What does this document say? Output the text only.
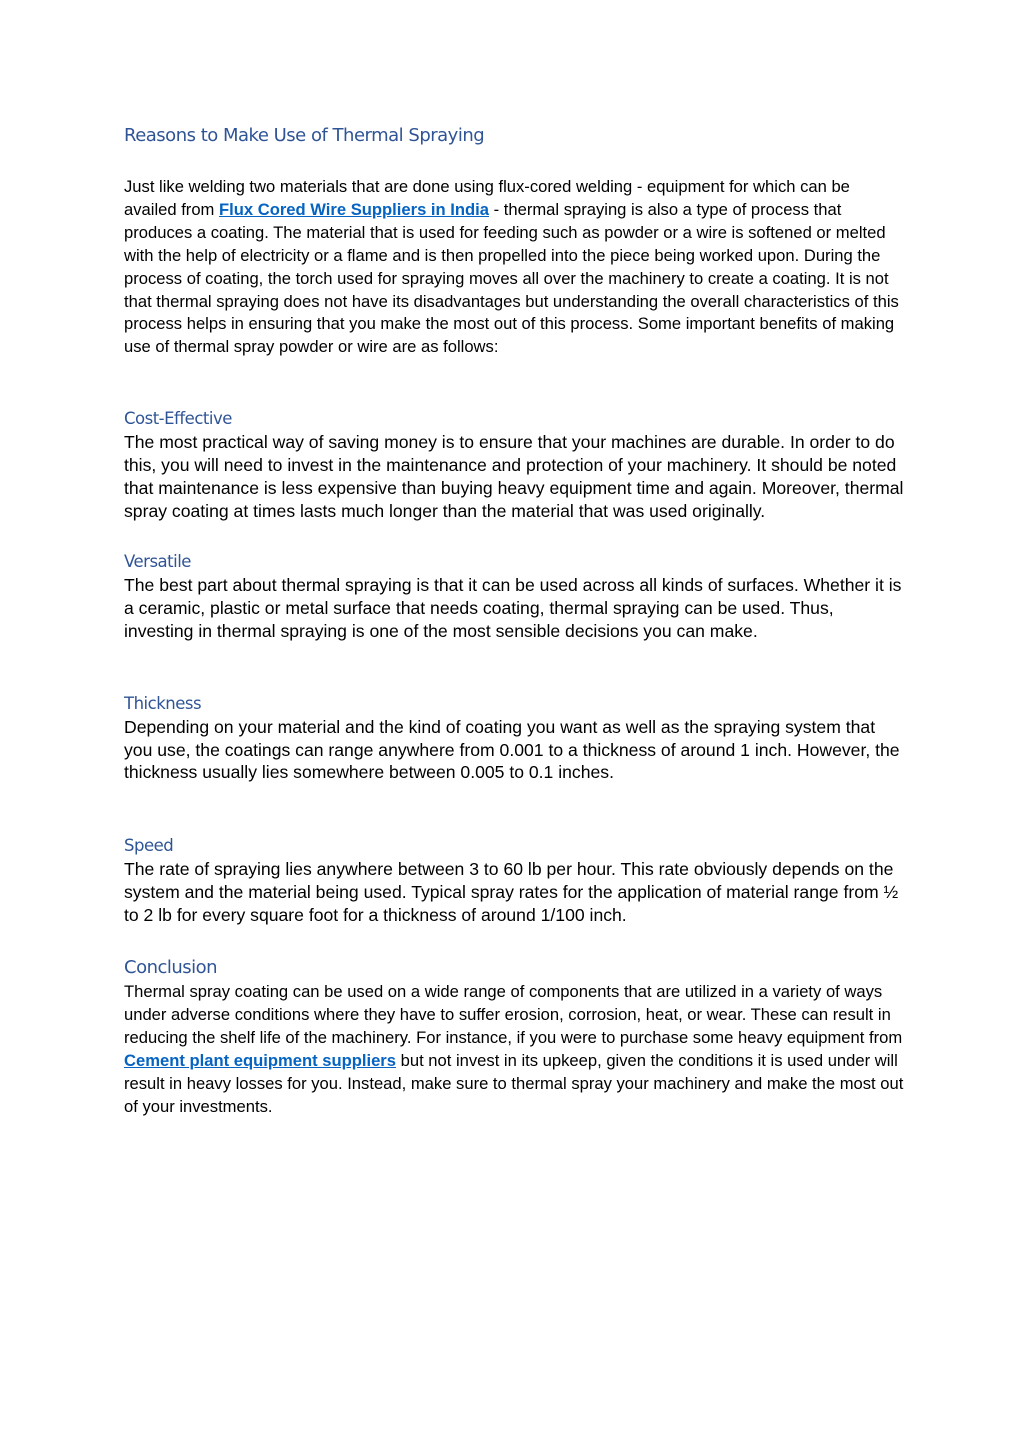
Reasons to Make Use of Thermal Spraying

Just like welding two materials that are done using flux-cored welding - equipment for which can be availed from Flux Cored Wire Suppliers in India - thermal spraying is also a type of process that produces a coating. The material that is used for feeding such as powder or a wire is softened or melted with the help of electricity or a flame and is then propelled into the piece being worked upon. During the process of coating, the torch used for spraying moves all over the machinery to create a coating. It is not that thermal spraying does not have its disadvantages but understanding the overall characteristics of this process helps in ensuring that you make the most out of this process. Some important benefits of making use of thermal spray powder or wire are as follows:

Cost-Effective

The most practical way of saving money is to ensure that your machines are durable. In order to do this, you will need to invest in the maintenance and protection of your machinery. It should be noted that maintenance is less expensive than buying heavy equipment time and again. Moreover, thermal spray coating at times lasts much longer than the material that was used originally.

Versatile

The best part about thermal spraying is that it can be used across all kinds of surfaces. Whether it is a ceramic, plastic or metal surface that needs coating, thermal spraying can be used. Thus, investing in thermal spraying is one of the most sensible decisions you can make.

Thickness

Depending on your material and the kind of coating you want as well as the spraying system that you use, the coatings can range anywhere from 0.001 to a thickness of around 1 inch. However, the thickness usually lies somewhere between 0.005 to 0.1 inches.

Speed

The rate of spraying lies anywhere between 3 to 60 lb per hour. This rate obviously depends on the system and the material being used. Typical spray rates for the application of material range from ½ to 2 lb for every square foot for a thickness of around 1/100 inch.

Conclusion

Thermal spray coating can be used on a wide range of components that are utilized in a variety of ways under adverse conditions where they have to suffer erosion, corrosion, heat, or wear. These can result in reducing the shelf life of the machinery. For instance, if you were to purchase some heavy equipment from Cement plant equipment suppliers but not invest in its upkeep, given the conditions it is used under will result in heavy losses for you. Instead, make sure to thermal spray your machinery and make the most out of your investments.
